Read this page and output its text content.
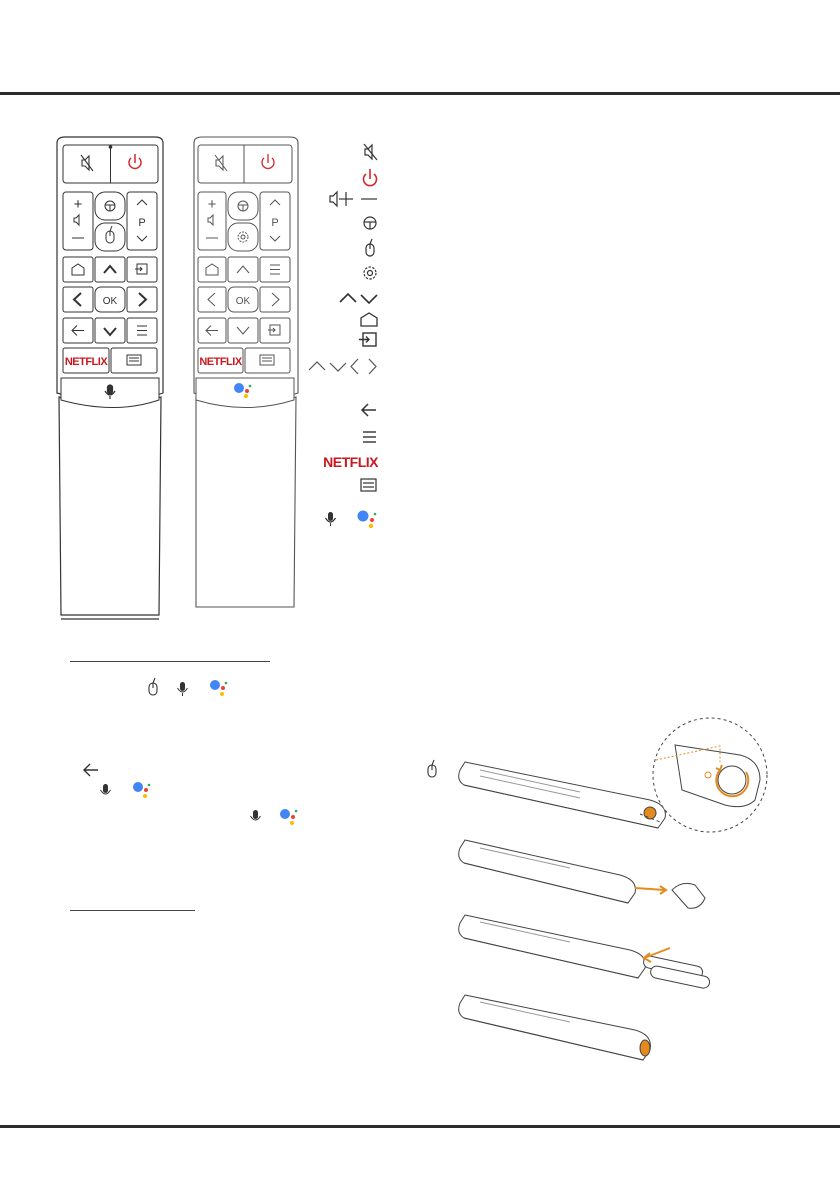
+
P
OK
NETFLIX
+
P
OK
NETFLIX
NETFLIX
